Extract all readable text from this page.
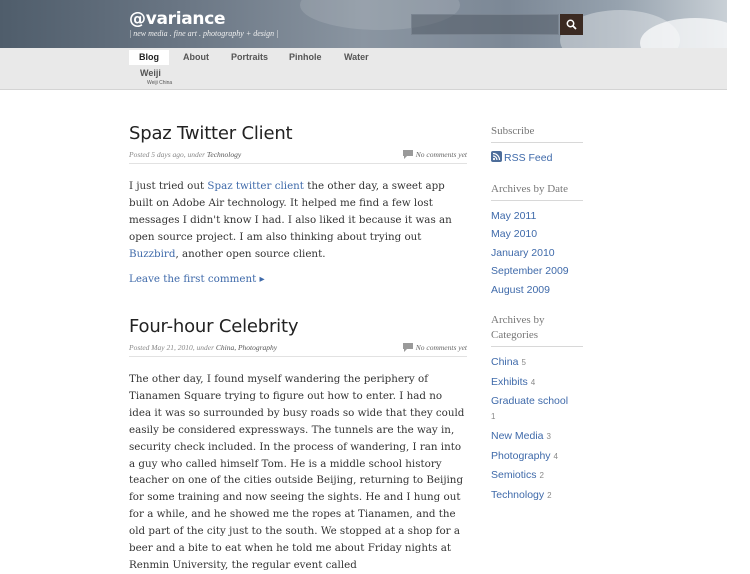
@variance
| new media . fine art . photography + design |
Blog	About	Portraits	Pinhole	Water
Weiji
Weiji China
Spaz Twitter Client
Posted 5 days ago, under Technology	No comments yet

I just tried out Spaz twitter client the other day, a sweet app built on Adobe Air technology. It helped me find a few lost messages I didn't know I had. I also liked it because it was an open source project. I am also thinking about trying out Buzzbird, another open source client.

Leave the first comment ▸
Four-hour Celebrity
Posted May 21, 2010, under China, Photography	No comments yet

The other day, I found myself wandering the periphery of Tianamen Square trying to figure out how to enter. I had no idea it was so surrounded by busy roads so wide that they could easily be considered expressways. The tunnels are the way in, security check included. In the process of wandering, I ran into a guy who called himself Tom. He is a middle school history teacher on one of the cities outside Beijing, returning to Beijing for some training and now seeing the sights. He and I hung out for a while, and he showed me the ropes at Tianamen, and the old part of the city just to the south. We stopped at a shop for a beer and a bite to eat when he told me about Friday nights at Renmin University, the regular event called

Subscribe
RSS Feed
Archives by Date
May 2011
May 2010
January 2010
September 2009
August 2009
Archives by Categories
China 5
Exhibits 4
Graduate school
1
New Media 3
Photography 4
Semiotics 2
Technology 2
